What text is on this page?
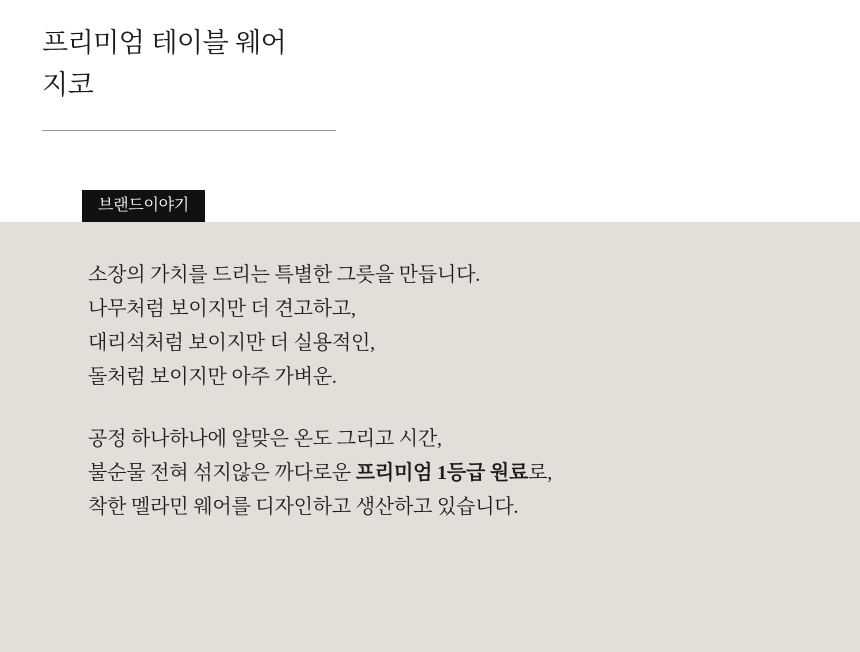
프리미엄 테이블 웨어
지코
브랜드이야기
소장의 가치를 드리는 특별한 그릇을 만듭니다.
나무처럼 보이지만 더 견고하고,
대리석처럼 보이지만 더 실용적인,
돌처럼 보이지만 아주 가벼운.
공정 하나하나에 알맞은 온도 그리고 시간,
불순물 전혀 섞지않은 까다로운 프리미엄 1등급 원료로,
착한 멜라민 웨어를 디자인하고 생산하고 있습니다.
